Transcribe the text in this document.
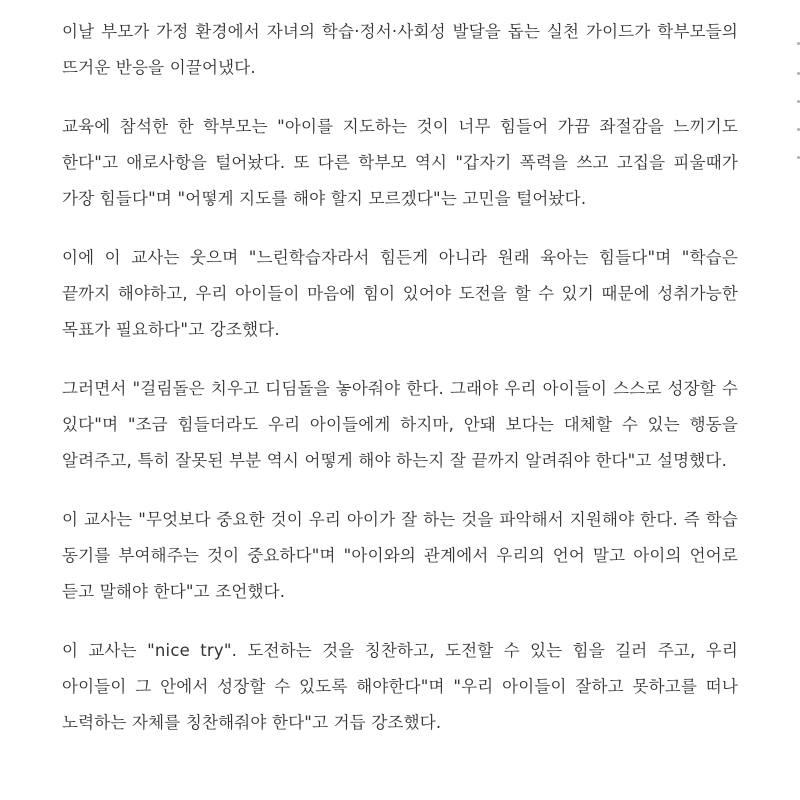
이날 부모가 가정 환경에서 자녀의 학습·정서·사회성 발달을 돕는 실천 가이드가 학부모들의 뜨거운 반응을 이끌어냈다.

교육에 참석한 한 학부모는 "아이를 지도하는 것이 너무 힘들어 가끔 좌절감을 느끼기도 한다"고 애로사항을 털어놨다. 또 다른 학부모 역시 "갑자기 폭력을 쓰고 고집을 피울때가 가장 힘들다"며 "어떻게 지도를 해야 할지 모르겠다"는 고민을 털어놨다.

이에 이 교사는 웃으며 "느린학습자라서 힘든게 아니라 원래 육아는 힘들다"며 "학습은 끝까지 해야하고, 우리 아이들이 마음에 힘이 있어야 도전을 할 수 있기 때문에 성취가능한 목표가 필요하다"고 강조했다.

그러면서 "걸림돌은 치우고 디딤돌을 놓아줘야 한다. 그래야 우리 아이들이 스스로 성장할 수 있다"며 "조금 힘들더라도 우리 아이들에게 하지마, 안돼 보다는 대체할 수 있는 행동을 알려주고, 특히 잘못된 부분 역시 어떻게 해야 하는지 잘 끝까지 알려줘야 한다"고 설명했다.

이 교사는 "무엇보다 중요한 것이 우리 아이가 잘 하는 것을 파악해서 지원해야 한다. 즉 학습 동기를 부여해주는 것이 중요하다"며 "아이와의 관계에서 우리의 언어 말고 아이의 언어로 듣고 말해야 한다"고 조언했다.

이 교사는 "nice try". 도전하는 것을 칭찬하고, 도전할 수 있는 힘을 길러 주고, 우리 아이들이 그 안에서 성장할 수 있도록 해야한다"며 "우리 아이들이 잘하고 못하고를 떠나 노력하는 자체를 칭찬해줘야 한다"고 거듭 강조했다.
